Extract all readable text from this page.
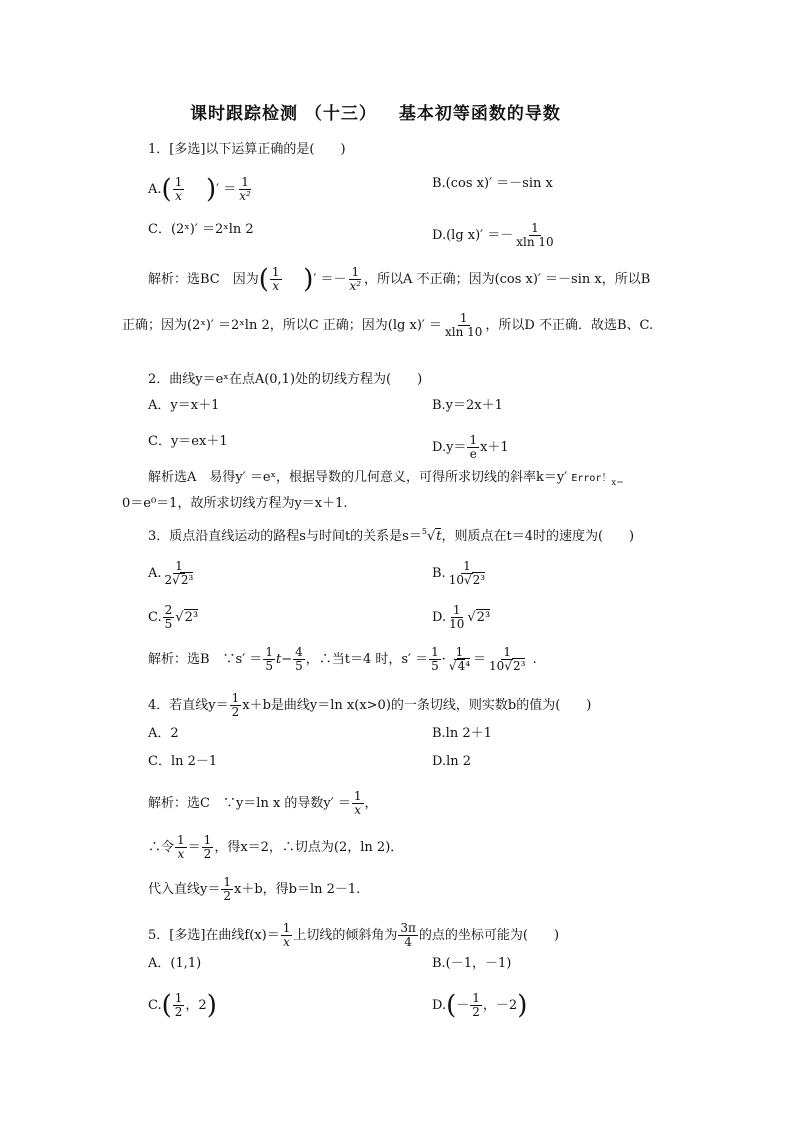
课时跟踪检测 （十三） 基本初等函数的导数
1．[多选]以下运算正确的是(　　)
$A.( \frac{1}{x}$ )′ ＝ $\frac{1}{\text{x²}}$	B.(cos x)′ ＝－sin x
C．(2ˣ)′ ＝2ˣln 2	D.(lg $x)' =- \frac{1}{xln 10}$
解析：选BC　因为( $\frac{1}{x}$ )′ ＝－ $\frac{1}{\text{x²}}$ ，所以A 不正确；因为(cos x)′ ＝－sin x，所以B
正确；因为(2ˣ)′ ＝2ˣln 2，所以C 正确；因为(lg $x)' = \frac{1}{xln 10}$ ，所以D 不正确．故选B、C.
2．曲线y＝eˣ在点A(0,1)处的切线方程为(　　)
A．y＝x＋1	B.y＝2x＋1
C．y＝ex＋1	$D.y= \frac{1}{e} x+1$
解析选A　易得y′ ＝eˣ，根据导数的几何意义，可得所求切线的斜率k＝y′ Error！$_{x=}$
0＝e⁰＝1，故所求切线方程为y＝x＋1.
3．质点沿直线运动的路程s与时间t的关系是s＝$^5$√t，则质点在t＝4时的速度为(　　)
A. $\frac{1}{\text{2√2³}}$	B. $\frac{1}{\text{10√2³}}$
C. $\frac{2}{5} √2^3$	D. $\frac{1}{10} √2^3$
解析：选B　∵s′ ＝ $\frac{1}{5} t- \frac{4}{5}$ ，∴当t＝4 时，$s' = \frac{1}{5} \cdot \frac{1}{\text{√4⁴}} = \frac{1}{\text{10√2³}}$ .
4．若直线$y= \frac{1}{2} x+b$是曲线y＝ln x(x>0)的一条切线，则实数b的值为(　　)
A．2	B.ln 2＋1
C．ln 2－1	D.ln 2
解析：选C　∵y＝ln x 的导数$y' = \frac{1}{x}$ ，
∴令 $\frac{1}{x} = \frac{1}{2}$ ，得x＝2，∴切点为(2，ln 2)．
代入直线$y= \frac{1}{2} x+b$，得b＝ln 2－1.
5．[多选]在曲线$f(x)= \frac{1}{x}$ 上切线的倾斜角为 $\frac{3\pi}{4}$ 的点的坐标可能为(　　)
A．(1,1)	B.(－1，－1)
$C.( \frac{1}{2}$ ，2)	$D.(- \frac{1}{2}$ ，－2)
